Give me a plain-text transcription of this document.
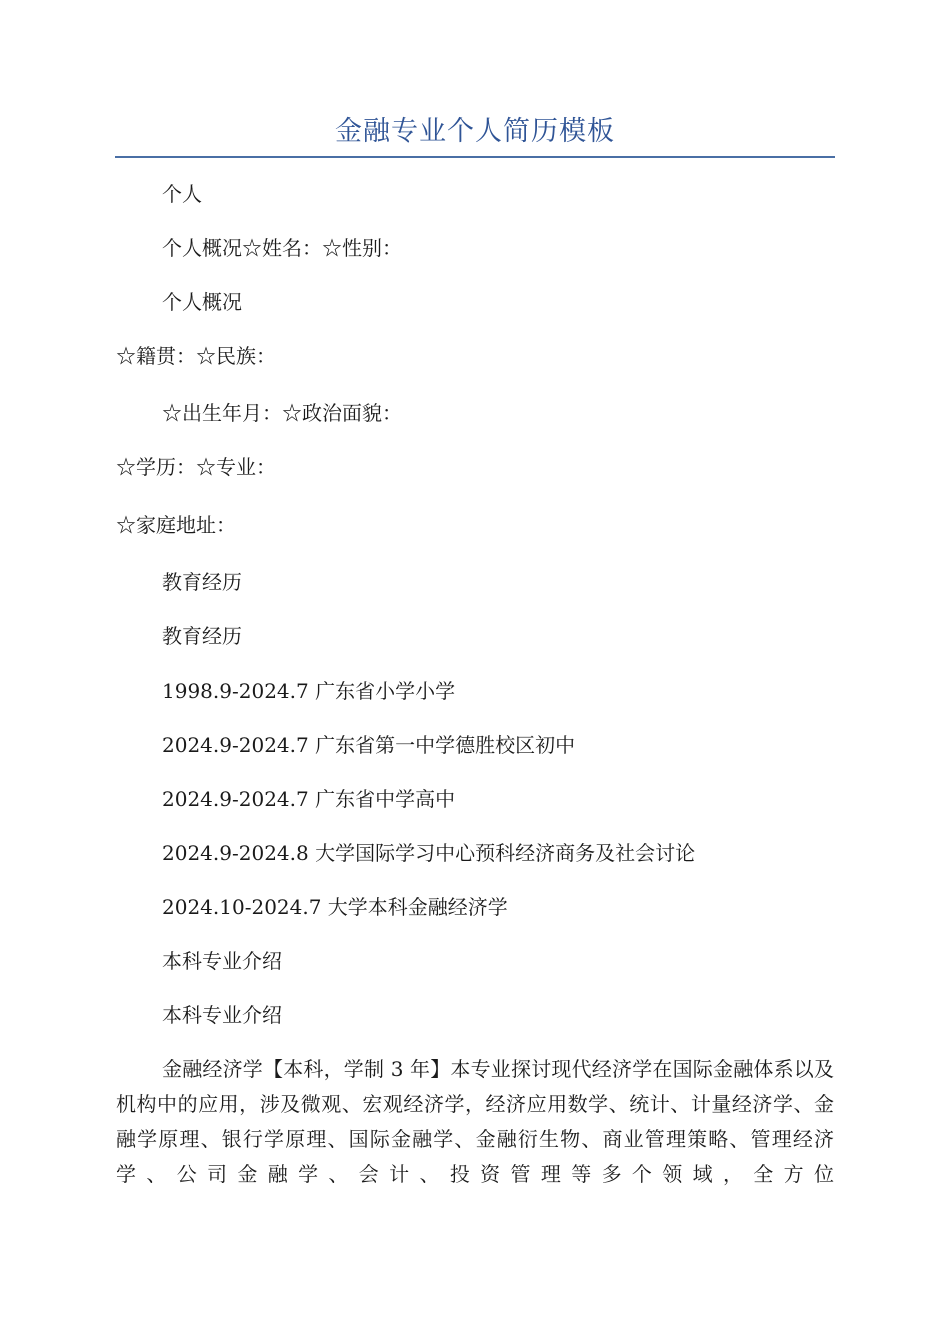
金融专业个人简历模板

个人

个人概况☆姓名：☆性别：

个人概况

☆籍贯：☆民族：

☆出生年月：☆政治面貌：

☆学历：☆专业：

☆家庭地址：

教育经历

教育经历

1998.9-2024.7 广东省小学小学

2024.9-2024.7 广东省第一中学德胜校区初中

2024.9-2024.7 广东省中学高中

2024.9-2024.8 大学国际学习中心预科经济商务及社会讨论

2024.10-2024.7 大学本科金融经济学

本科专业介绍

本科专业介绍

金融经济学【本科，学制 3 年】本专业探讨现代经济学在国际金融体系以及机构中的应用，涉及微观、宏观经济学，经济应用数学、统计、计量经济学、金融学原理、银行学原理、国际金融学、金融衍生物、商业管理策略、管理经济学、公司金融学、会计、投资管理等多个领域，全方位
